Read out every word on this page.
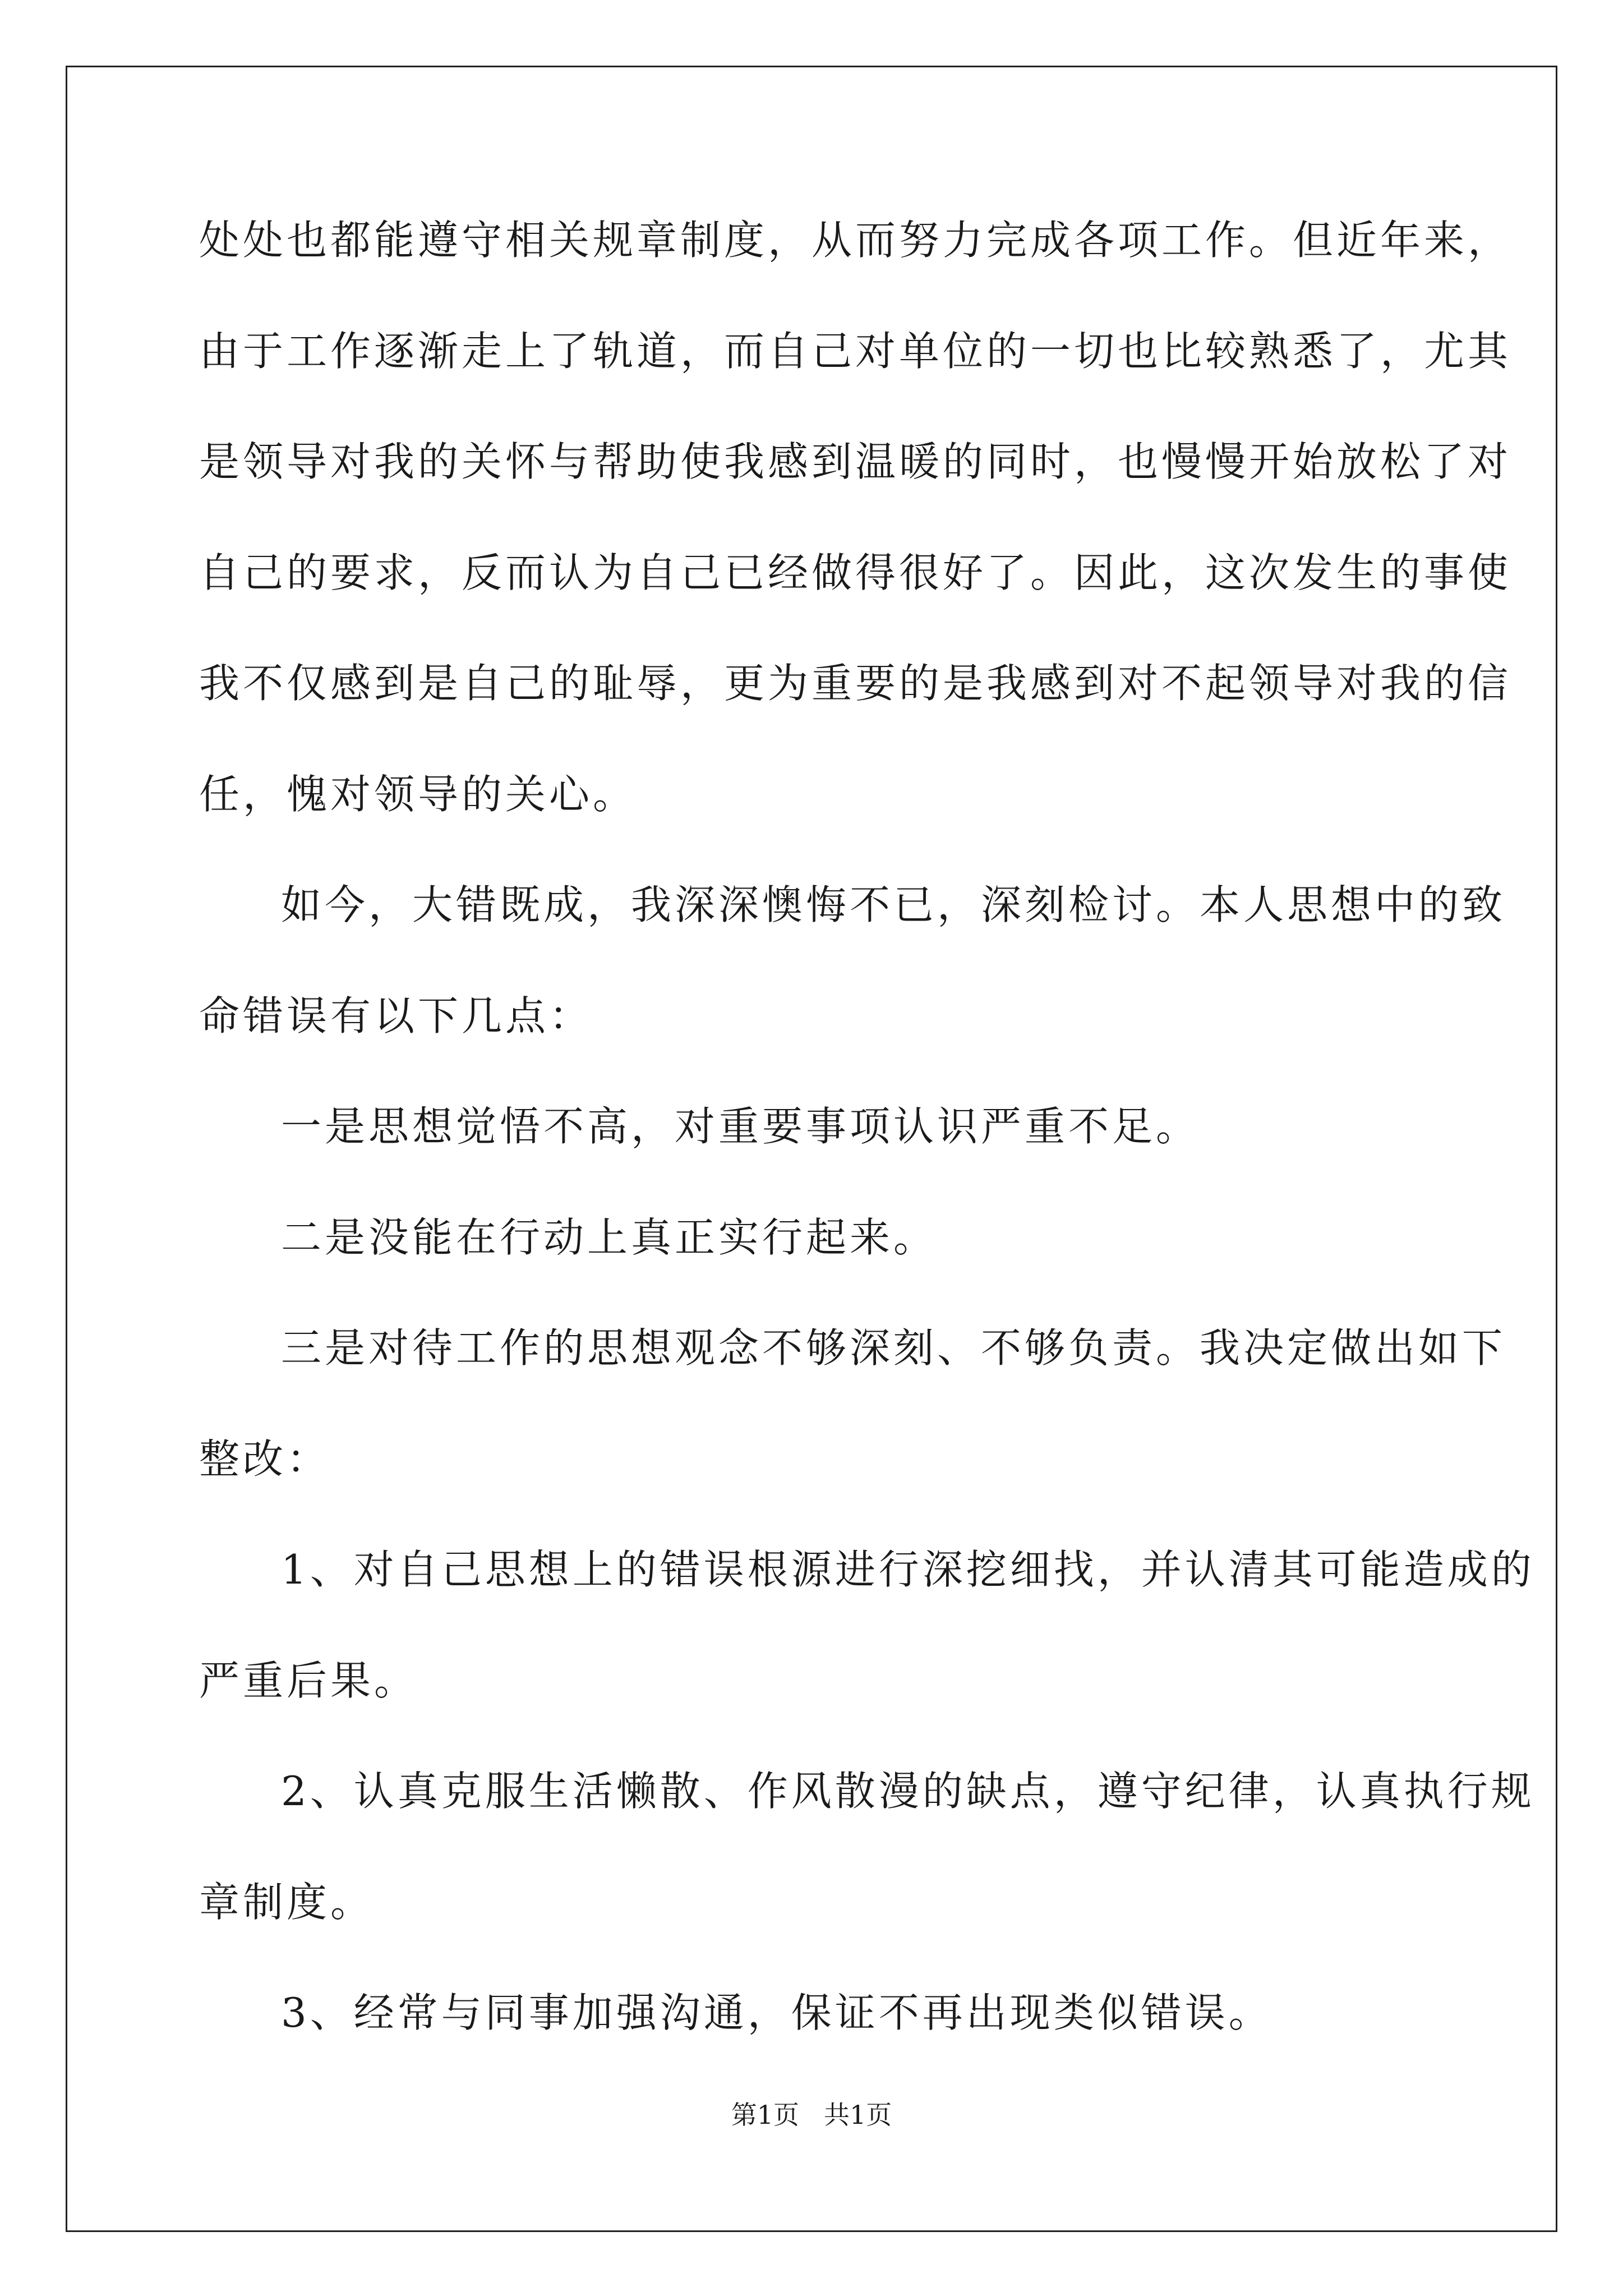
处处也都能遵守相关规章制度，从而努力完成各项工作。但近年来，

由于工作逐渐走上了轨道，而自己对单位的一切也比较熟悉了，尤其

是领导对我的关怀与帮助使我感到温暖的同时，也慢慢开始放松了对

自己的要求，反而认为自己已经做得很好了。因此，这次发生的事使

我不仅感到是自己的耻辱，更为重要的是我感到对不起领导对我的信

任，愧对领导的关心。

如今，大错既成，我深深懊悔不已，深刻检讨。本人思想中的致

命错误有以下几点：

一是思想觉悟不高，对重要事项认识严重不足。

二是没能在行动上真正实行起来。

三是对待工作的思想观念不够深刻、不够负责。我决定做出如下

整改：

1、对自己思想上的错误根源进行深挖细找，并认清其可能造成的

严重后果。

2、认真克服生活懒散、作风散漫的缺点，遵守纪律，认真执行规

章制度。

3、经常与同事加强沟通，保证不再出现类似错误。

第1页 共1页
